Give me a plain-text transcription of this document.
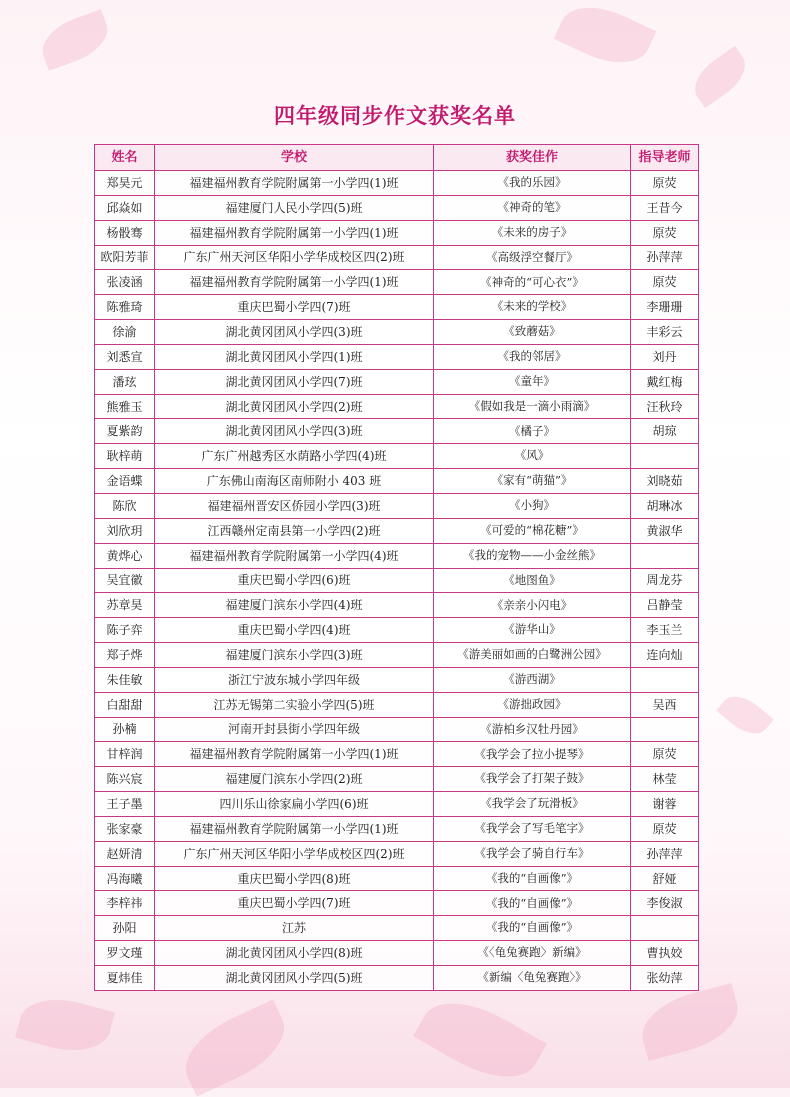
四年级同步作文获奖名单
姓名	学校	获奖佳作	指导老师
郑昊元	福建福州教育学院附属第一小学四(1)班	《我的乐园》	原荧
邱焱如	福建厦门人民小学四(5)班	《神奇的笔》	王昔今
杨骰骞	福建福州教育学院附属第一小学四(1)班	《未来的房子》	原荧
欧阳芳菲	广东广州天河区华阳小学华成校区四(2)班	《高级浮空餐厅》	孙萍萍
张凌涵	福建福州教育学院附属第一小学四(1)班	《神奇的“可心衣”》	原荧
陈雅琦	重庆巴蜀小学四(7)班	《未来的学校》	李珊珊
徐渝	湖北黄冈团风小学四(3)班	《致蘑菇》	丰彩云
刘悉宣	湖北黄冈团风小学四(1)班	《我的邻居》	刘丹
潘玹	湖北黄冈团风小学四(7)班	《童年》	戴红梅
熊雅玉	湖北黄冈团风小学四(2)班	《假如我是一滴小雨滴》	汪秋玲
夏紫韵	湖北黄冈团风小学四(3)班	《橘子》	胡琼
耿梓萌	广东广州越秀区水荫路小学四(4)班	《风》	
金语蝶	广东佛山南海区南师附小 403 班	《家有“萌猫”》	刘晓茹
陈欣	福建福州晋安区侨园小学四(3)班	《小狗》	胡琳冰
刘欣玥	江西赣州定南县第一小学四(2)班	《可爱的“棉花糖”》	黄淑华
黄烨心	福建福州教育学院附属第一小学四(4)班	《我的宠物——小金丝熊》	
吴宜徽	重庆巴蜀小学四(6)班	《地图鱼》	周龙芬
苏章昊	福建厦门滨东小学四(4)班	《亲亲小闪电》	吕静莹
陈子弈	重庆巴蜀小学四(4)班	《游华山》	李玉兰
郑子烨	福建厦门滨东小学四(3)班	《游美丽如画的白鹭洲公园》	连向灿
朱佳敏	浙江宁波东城小学四年级	《游西湖》	
白甜甜	江苏无锡第二实验小学四(5)班	《游拙政园》	吴西
孙楠	河南开封县街小学四年级	《游柏乡汉牡丹园》	
甘梓润	福建福州教育学院附属第一小学四(1)班	《我学会了拉小提琴》	原荧
陈兴宸	福建厦门滨东小学四(2)班	《我学会了打架子鼓》	林莹
王子墨	四川乐山徐家扁小学四(6)班	《我学会了玩滑板》	谢蓉
张家豪	福建福州教育学院附属第一小学四(1)班	《我学会了写毛笔字》	原荧
赵妍清	广东广州天河区华阳小学华成校区四(2)班	《我学会了骑自行车》	孙萍萍
冯海曦	重庆巴蜀小学四(8)班	《我的“自画像”》	舒娅
李梓祎	重庆巴蜀小学四(7)班	《我的“自画像”》	李俊淑
孙阳	江苏	《我的“自画像”》	
罗文瑾	湖北黄冈团风小学四(8)班	《〈龟兔赛跑〉新编》	曹执姣
夏炜佳	湖北黄冈团风小学四(5)班	《新编〈龟兔赛跑〉》	张幼萍
